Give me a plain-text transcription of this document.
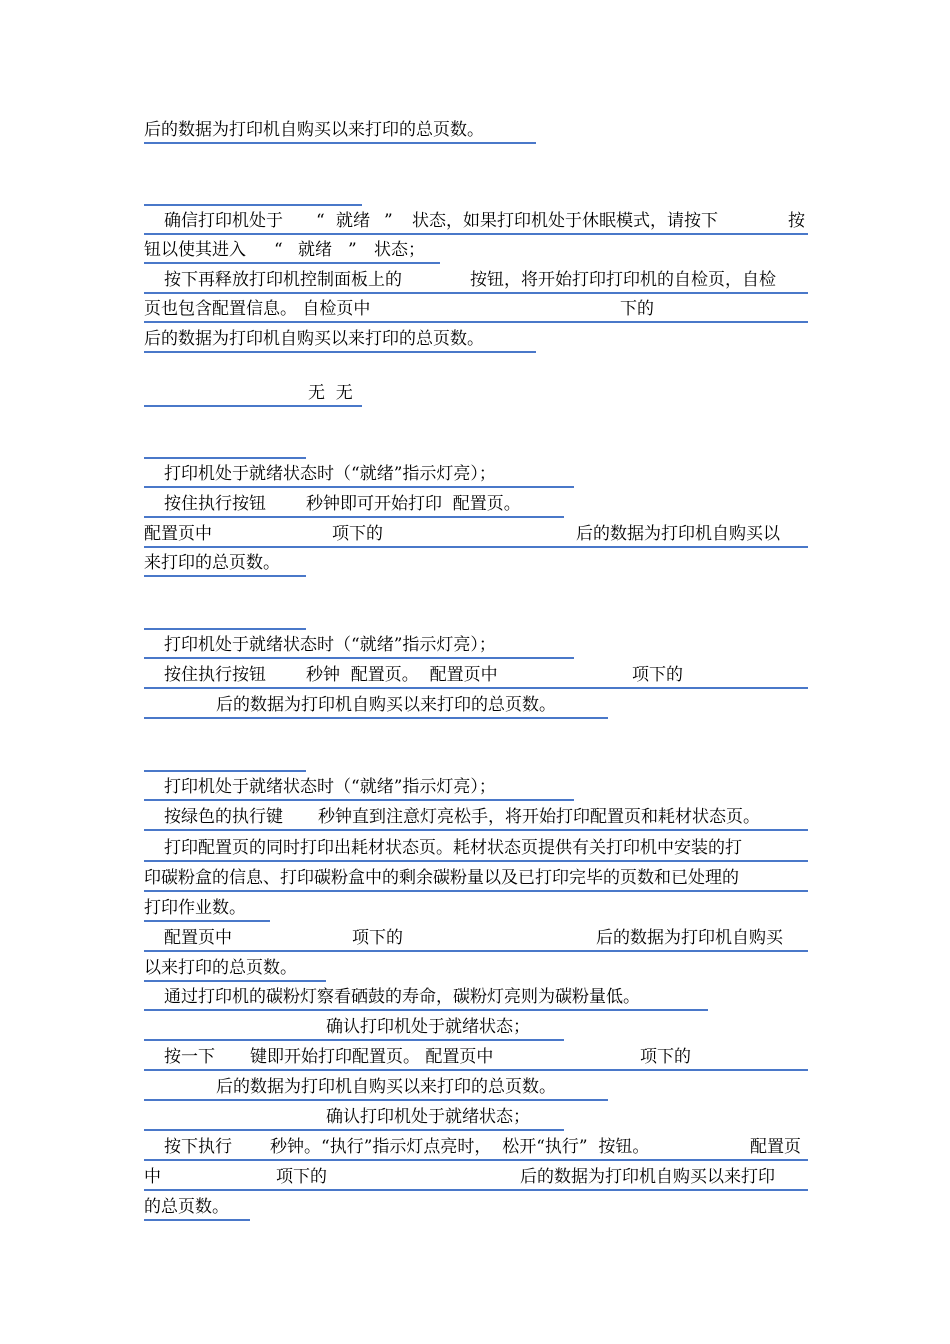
后的数据为打印机自购买以来打印的总页数。

确信打印机处于

“

就绪

”

状态，如果打印机处于休眠模式，请按下

	按

钮以使其进入

“

就绪

”

状态；

按下再释放打印机控制面板上的

	按钮，将开始打印打印机的自检页，自检

页也包含配置信息。 自检页中

	下的

后的数据为打印机自购买以来打印的总页数。
无  无
打印机处于就绪状态时（“就绪”指示灯亮）；

按住执行按钮

秒钟即可开始打印  配置页。

配置页中

	项下的

	后的数据为打印机自购买以

来打印的总页数。
打印机处于就绪状态时（“就绪”指示灯亮）；

按住执行按钮

秒钟  配置页。  配置页中

	项下的

后的数据为打印机自购买以来打印的总页数。
打印机处于就绪状态时（“就绪”指示灯亮）；

按绿色的执行键

秒钟直到注意灯亮松手，将开始打印配置页和耗材状态页。

打印配置页的同时打印出耗材状态页。耗材状态页提供有关打印机中安装的打
印碳粉盒的信息、打印碳粉盒中的剩余碳粉量以及已打印完毕的页数和已处理的
打印作业数。

配置页中

	项下的

	后的数据为打印机自购买

以来打印的总页数。
通过打印机的碳粉灯察看硒鼓的寿命，碳粉灯亮则为碳粉量低。
确认打印机处于就绪状态；

按一下

键即开始打印配置页。 配置页中

	项下的

后的数据为打印机自购买以来打印的总页数。
确认打印机处于就绪状态；

按下执行

秒钟。“执行”指示灯点亮时，  松开“执行”  按钮。

	配置页

中

	项下的

	后的数据为打印机自购买以来打印

的总页数。
